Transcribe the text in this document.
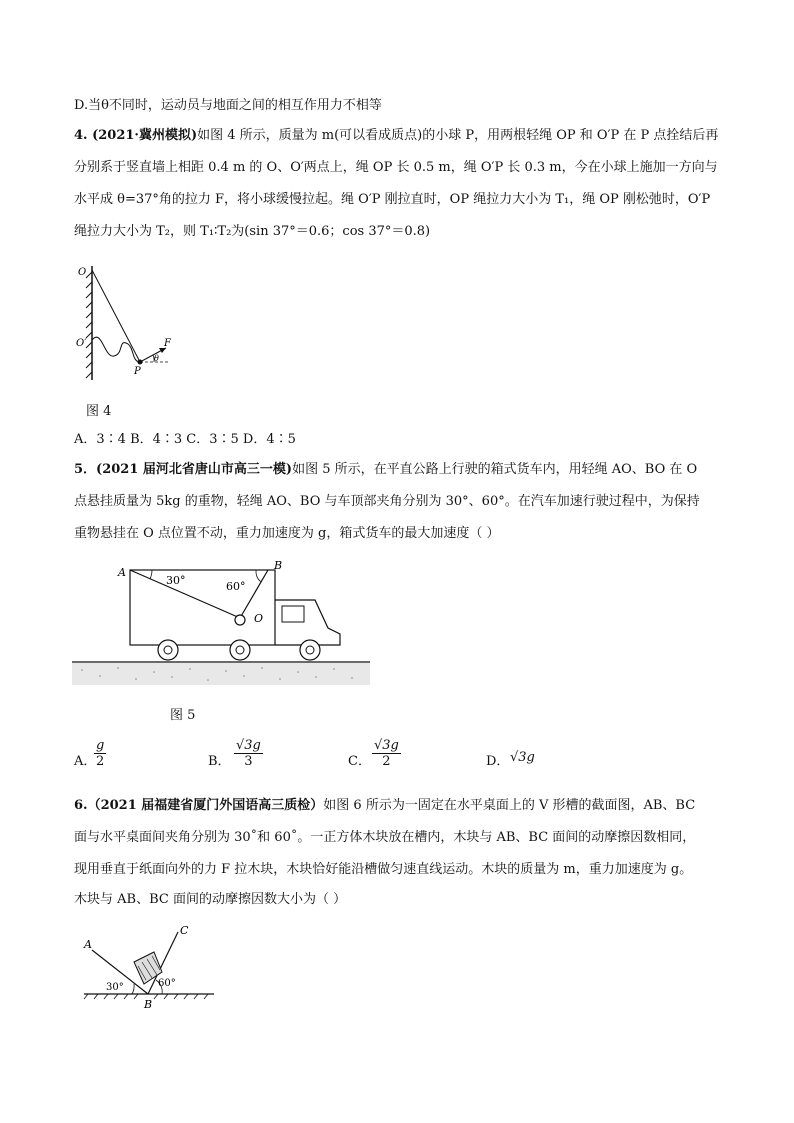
D.当θ不同时，运动员与地面之间的相互作用力不相等
4. (2021·冀州模拟)如图 4 所示，质量为 m(可以看成质点)的小球 P，用两根轻绳 OP 和 O′P 在 P 点拴结后再
分别系于竖直墙上相距 0.4 m 的 O、O′两点上，绳 OP 长 0.5 m，绳 O′P 长 0.3 m，今在小球上施加一方向与
水平成 θ=37°角的拉力 F，将小球缓慢拉起。绳 O′P 刚拉直时，OP 绳拉力大小为 T₁，绳 OP 刚松弛时，O′P
绳拉力大小为 T₂，则 T₁∶T₂为(sin 37°＝0.6；cos 37°＝0.8)
O
O′
P
F
θ
图 4
A．3∶4 B．4∶3 C．3∶5 D．4∶5
5．(2021 届河北省唐山市高三一模)如图 5 所示，在平直公路上行驶的箱式货车内，用轻绳 AO、BO 在 O
点悬挂质量为 5kg 的重物，轻绳 AO、BO 与车顶部夹角分别为 30°、60°。在汽车加速行驶过程中，为保持
重物悬挂在 O 点位置不动，重力加速度为 g，箱式货车的最大加速度（ ）
A
B
O
30°	60°
图 5
A．
$\frac{g}{2}$	B． $\frac{√3g}{3}$	C． $\frac{√3g}{2}$	D． √3g
6.（2021 届福建省厦门外国语高三质检）如图 6 所示为一固定在水平桌面上的 V 形槽的截面图，AB、BC
面与水平桌面间夹角分别为 30˚和 60˚。一正方体木块放在槽内，木块与 AB、BC 面间的动摩擦因数相同，
现用垂直于纸面向外的力 F 拉木块，木块恰好能沿槽做匀速直线运动。木块的质量为 m，重力加速度为 g。
木块与 AB、BC 面间的动摩擦因数大小为（ ）
A
B
C
30°	60°
